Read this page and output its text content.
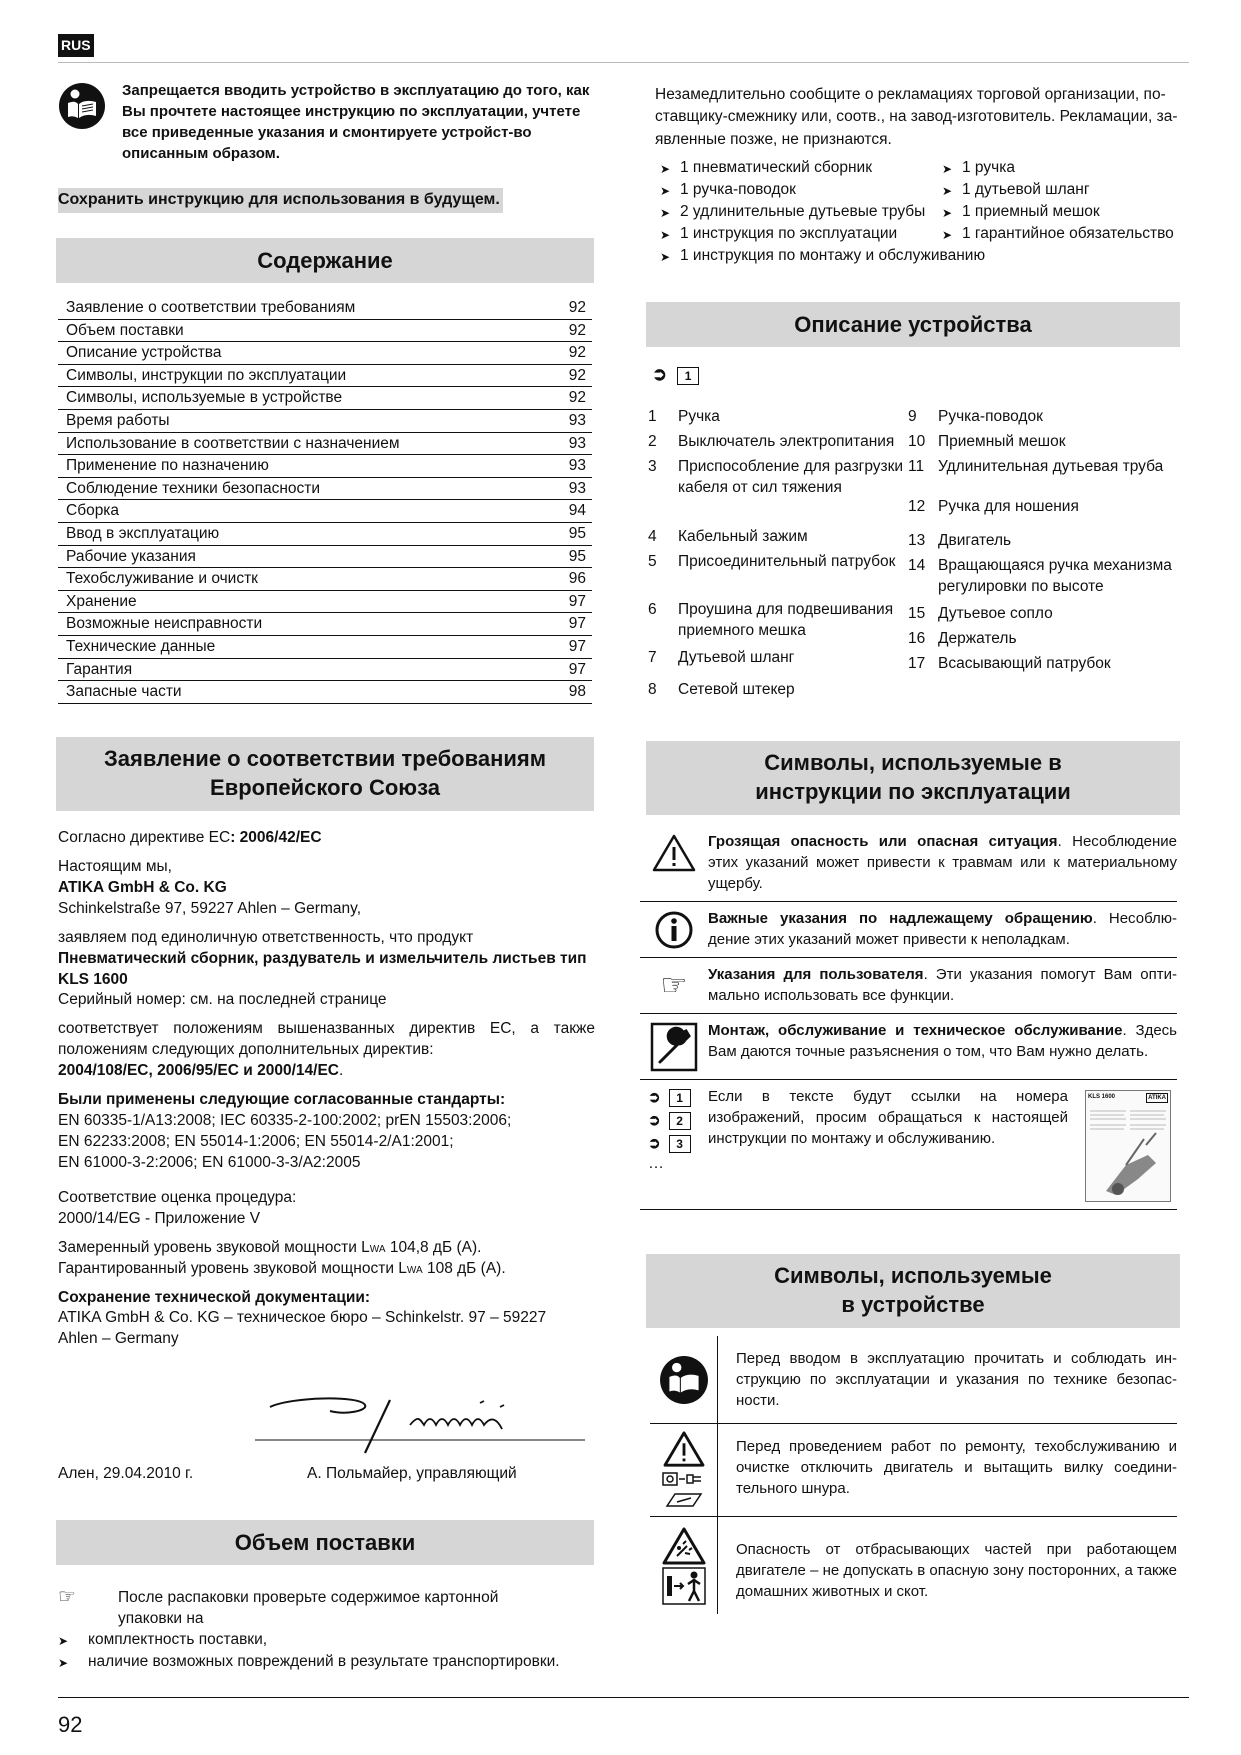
RUS

Запрещается вводить устройство в эксплуатацию до того, как Вы прочтете настоящее инструкцию по эксплуатации, учтете все приведенные указания и смонтируете устройст-во описанным образом.

Сохранить инструкцию для использования в будущем.
Содержание
Заявление о соответствии требованиям	92
Объем поставки	92
Описание устройства	92
Символы, инструкции по эксплуатации	92
Символы, используемые в устройстве	92
Время работы	93
Использование в соответствии с назначением	93
Применение по назначению	93
Соблюдение техники безопасности	93
Сборка	94
Ввод в эксплуатацию	95
Рабочие указания	95
Техобслуживание и очистк	96
Хранение	97
Возможные неисправности	97
Технические данные	97
Гарантия	97
Запасные части	98
Заявление о соответствии требованиям
Европейского Союза

Согласно директиве ЕС: 2006/42/EC

Настоящим мы,

ATIKA GmbH & Co. KG

Schinkelstraße 97, 59227 Ahlen – Germany,

заявляем под единоличную ответственность, что продукт

Пневматический сборник, раздуватель и измельчитель листьев тип KLS 1600

Серийный номер: см. на последней странице

соответствует положениям вышеназванных директив ЕС, а также положениям следующих дополнительных директив:

2004/108/EC, 2006/95/EC и 2000/14/EC.

Были применены следующие согласованные стандарты:

EN 60335-1/A13:2008; IEC 60335-2-100:2002; prEN 15503:2006;

EN 62233:2008; EN 55014-1:2006; EN 55014-2/A1:2001;

EN 61000-3-2:2006; EN 61000-3-3/A2:2005

Соответствие оценка процедура:

2000/14/EG - Приложение V

Замеренный уровень звуковой мощности LWA 104,8 дБ (А).

Гарантированный уровень звуковой мощности LWA 108 дБ (А).

Сохранение технической документации:

ATIKA GmbH & Co. KG – техническое бюро – Schinkelstr. 97 – 59227

Ahlen – Germany

Ален, 29.04.2010 г.	А. Польмайер, управляющий
Объем поставки
☞	После распаковки проверьте содержимое картонной

упаковки на

➤	комплектность поставки,
➤	наличие возможных повреждений в результате транспортировки.
Незамедлительно сообщите о рекламациях торговой организации, по-ставщику-смежнику или, соотв., на завод-изготовитель. Рекламации, за-явленные позже, не признаются.
➤ 1 пневматический сборник
➤ 1 ручка-поводок
➤ 2 удлинительные дутьевые трубы
➤ 1 инструкция по эксплуатации
➤ 1 инструкция по монтажу и обслуживанию
➤ 1 ручка
➤ 1 дутьевой шланг
➤ 1 приемный мешок
➤ 1 гарантийное обязательство
Описание устройства
➲ 1
1	Ручка
2	Выключатель электропитания
3	Приспособление для разгрузки кабеля от сил тяжения
4	Кабельный зажим
5	Присоединительный патрубок
6	Проушина для подвешивания приемного мешка
7	Дутьевой шланг
8	Сетевой штекер
9	Ручка-поводок
10 Приемный мешок
11 Удлинительная дутьевая труба
12 Ручка для ношения
13 Двигатель
14 Вращающаяся ручка механизма регулировки по высоте
15 Дутьевое сопло
16 Держатель
17 Всасывающий патрубок
Символы, используемые в
инструкции по эксплуатации

Грозящая опасность или опасная ситуация. Несоблюдение этих указаний может привести к травмам или к материальному ущербу.

Важные указания по надлежащему обращению. Несоблю-дение этих указаний может привести к неполадкам.

☞ Указания для пользователя. Эти указания помогут Вам опти-мально использовать все функции.

Монтаж, обслуживание и техническое обслуживание. Здесь Вам даются точные разъяснения о том, что Вам нужно делать.

➲ 1
➲ 2
➲ 3
…

Если в тексте будут ссылки на номера изображений, просим обращаться к настоящей инструкции по монтажу и обслуживанию.

KLS 1600	ATIKA
Символы, используемые
в устройстве

Перед вводом в эксплуатацию прочитать и соблюдать ин-струкцию по эксплуатации и указания по технике безопас-ности.

Перед проведением работ по ремонту, техобслуживанию и очистке отключить двигатель и вытащить вилку соедини-тельного шнура.

Опасность от отбрасывающих частей при работающем двигателе – не допускать в опасную зону посторонних, а также домашних животных и скот.

92
